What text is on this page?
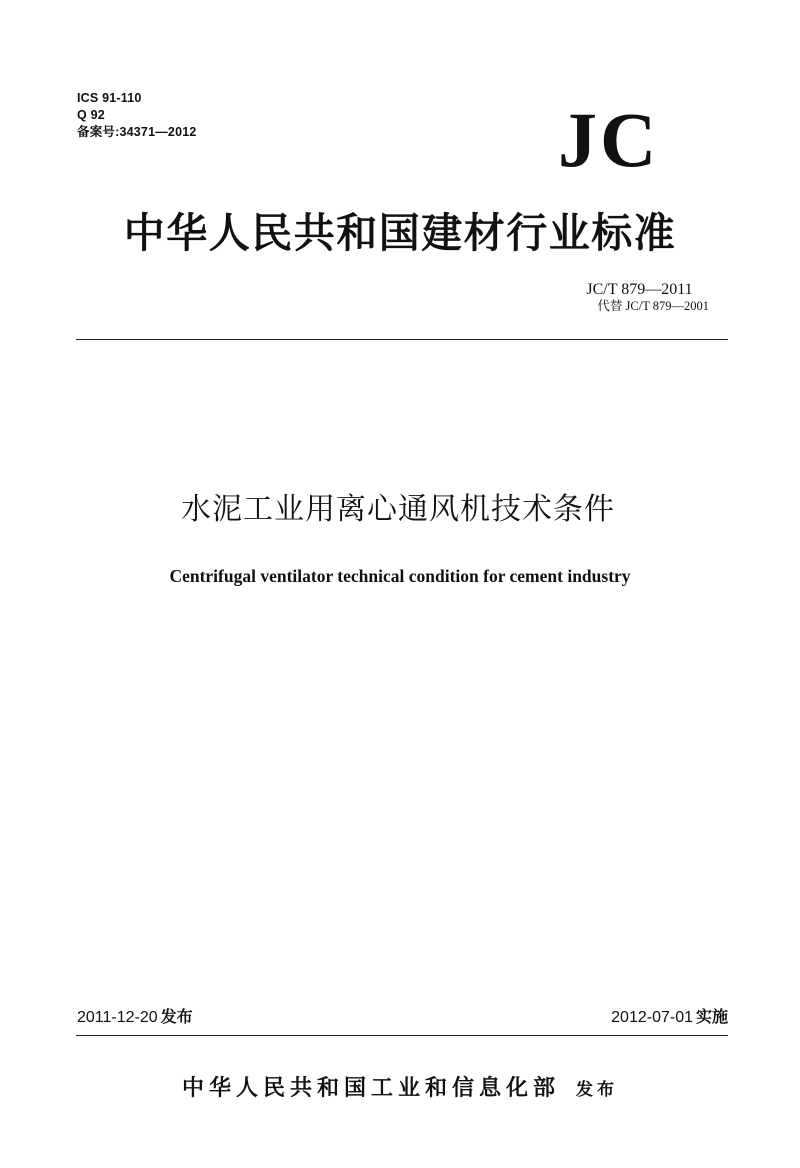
ICS 91-110
Q 92
备案号:34371—2012	JC
中华人民共和国建材行业标准
JC/T 879—2011
代替 JC/T 879—2001
水泥工业用离心通风机技术条件
Centrifugal ventilator technical condition for cement industry
2011-12-20 发布	2012-07-01 实施
中华人民共和国工业和信息化部 发布
